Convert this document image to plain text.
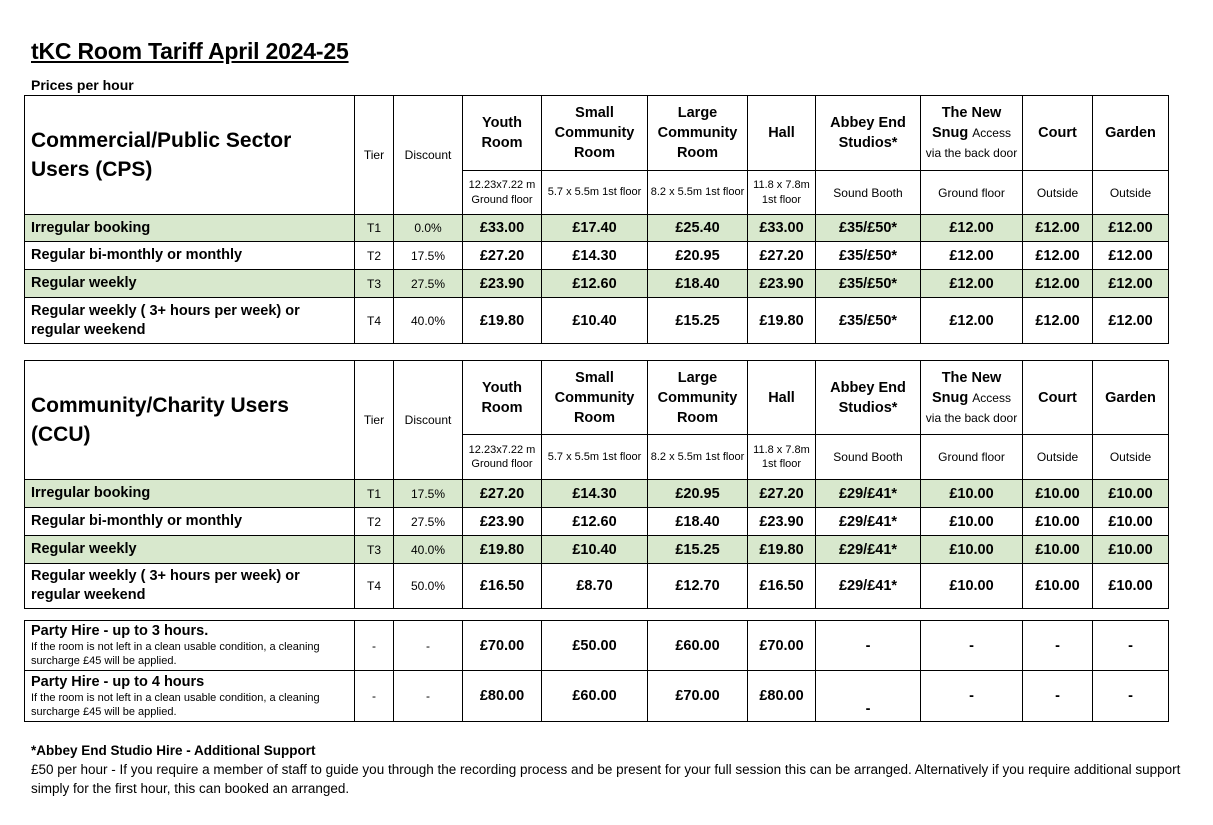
tKC Room Tariff April 2024-25
Prices per hour
Commercial/Public Sector Users (CPS)	Tier	Discount	Youth Room	Small Community Room	Large Community Room	Hall	Abbey End Studios*	The New Snug Access via the back door	Court	Garden
			12.23x7.22 m Ground floor	5.7 x 5.5m 1st floor	8.2 x 5.5m 1st floor	11.8 x 7.8m 1st floor	Sound Booth	Ground floor	Outside	Outside
Irregular booking	T1	0.0%	£33.00	£17.40	£25.40	£33.00	£35/£50*	£12.00	£12.00	£12.00
Regular bi-monthly or monthly	T2	17.5%	£27.20	£14.30	£20.95	£27.20	£35/£50*	£12.00	£12.00	£12.00
Regular weekly	T3	27.5%	£23.90	£12.60	£18.40	£23.90	£35/£50*	£12.00	£12.00	£12.00
Regular weekly ( 3+ hours per week) or regular weekend	T4	40.0%	£19.80	£10.40	£15.25	£19.80	£35/£50*	£12.00	£12.00	£12.00
Community/Charity Users (CCU)	Tier	Discount	Youth Room	Small Community Room	Large Community Room	Hall	Abbey End Studios*	The New Snug Access via the back door	Court	Garden
			12.23x7.22 m Ground floor	5.7 x 5.5m 1st floor	8.2 x 5.5m 1st floor	11.8 x 7.8m 1st floor	Sound Booth	Ground floor	Outside	Outside
Irregular booking	T1	17.5%	£27.20	£14.30	£20.95	£27.20	£29/£41*	£10.00	£10.00	£10.00
Regular bi-monthly or monthly	T2	27.5%	£23.90	£12.60	£18.40	£23.90	£29/£41*	£10.00	£10.00	£10.00
Regular weekly	T3	40.0%	£19.80	£10.40	£15.25	£19.80	£29/£41*	£10.00	£10.00	£10.00
Regular weekly ( 3+ hours per week) or regular weekend	T4	50.0%	£16.50	£8.70	£12.70	£16.50	£29/£41*	£10.00	£10.00	£10.00
Party Hire - up to 3 hours.
If the room is not left in a clean usable condition, a cleaning surcharge £45 will be applied.	-	-	£70.00	£50.00	£60.00	£70.00	-	-	-	-

Party Hire - up to 4 hours
If the room is not left in a clean usable condition, a cleaning surcharge £45 will be applied.	-	-	£80.00	£60.00	£70.00	£80.00	-	-	-	-
*Abbey End Studio Hire - Additional Support
£50 per hour - If you require a member of staff to guide you through the recording process and be present for your full session this can be arranged. Alternatively if you require additional support simply for the first hour, this can booked an arranged.
